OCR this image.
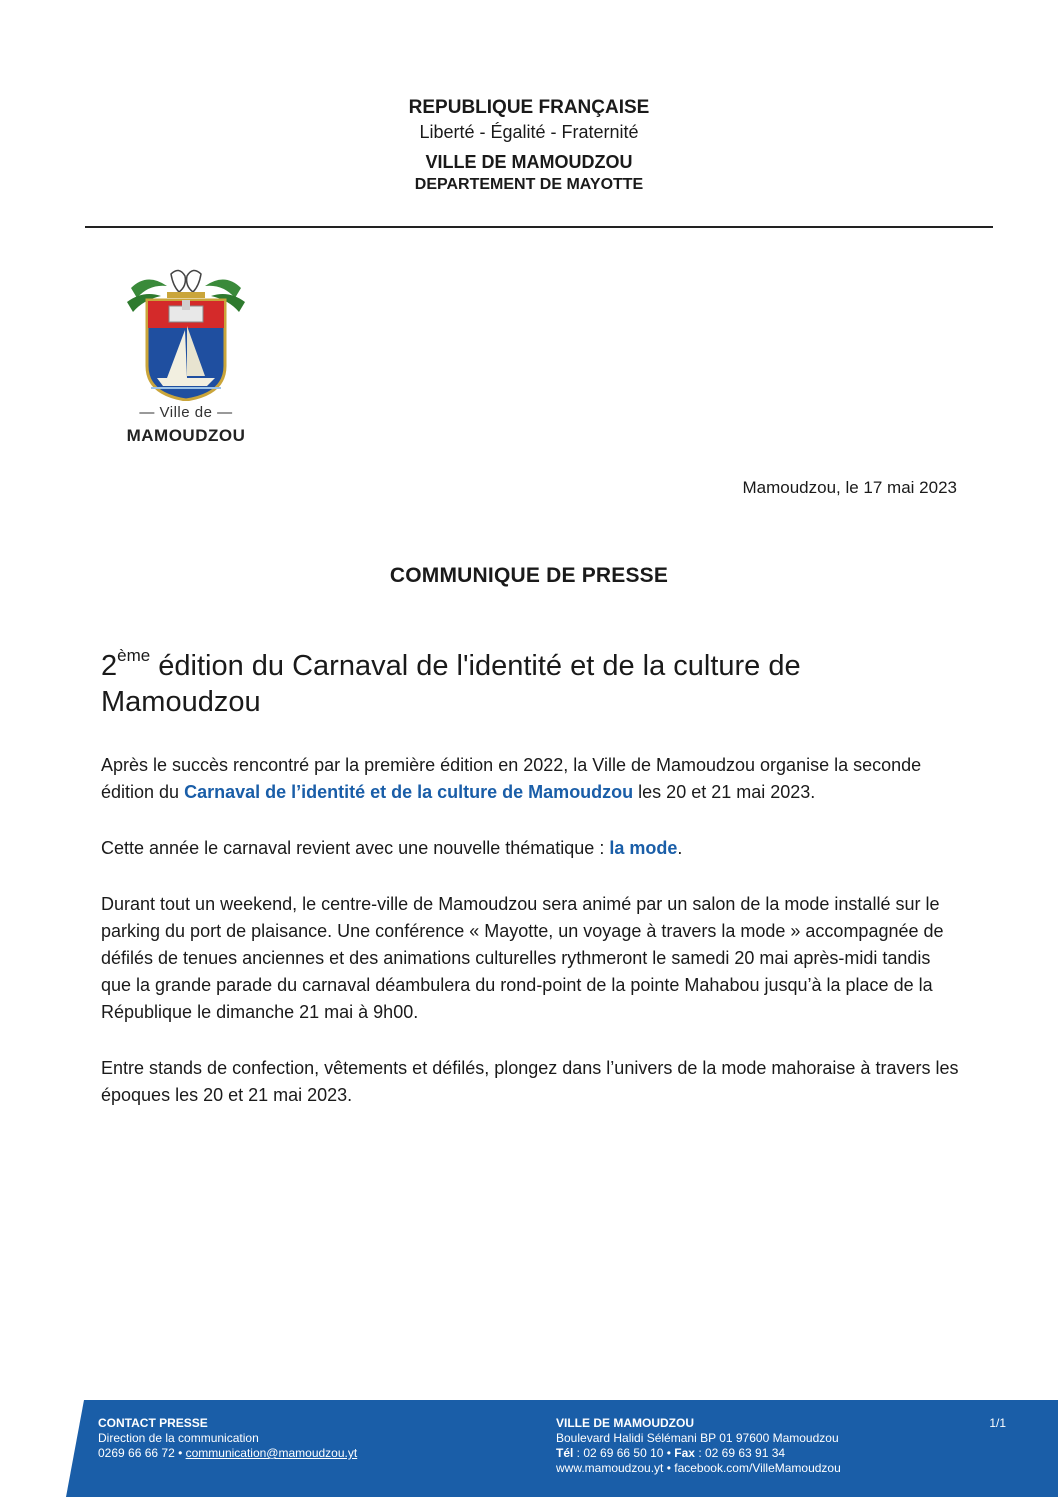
REPUBLIQUE FRANÇAISE
Liberté - Égalité - Fraternité
VILLE DE MAMOUDZOU
DEPARTEMENT DE MAYOTTE
— Ville de —
MAMOUDZOU
Mamoudzou, le 17 mai 2023
COMMUNIQUE DE PRESSE
2ème édition du Carnaval de l'identité et de la culture de Mamoudzou

Après le succès rencontré par la première édition en 2022, la Ville de Mamoudzou organise la seconde édition du Carnaval de l’identité et de la culture de Mamoudzou les 20 et 21 mai 2023.

Cette année le carnaval revient avec une nouvelle thématique : la mode.

Durant tout un weekend, le centre-ville de Mamoudzou sera animé par un salon de la mode installé sur le parking du port de plaisance. Une conférence « Mayotte, un voyage à travers la mode » accompagnée de défilés de tenues anciennes et des animations culturelles rythmeront le samedi 20 mai après-midi tandis que la grande parade du carnaval déambulera du rond-point de la pointe Mahabou jusqu’à la place de la République le dimanche 21 mai à 9h00.

Entre stands de confection, vêtements et défilés, plongez dans l’univers de la mode mahoraise à travers les époques les 20 et 21 mai 2023.

CONTACT PRESSE
Direction de la communication
0269 66 66 72 • communication@mamoudzou.yt
VILLE DE MAMOUDZOU
Boulevard Halidi Sélémani BP 01 97600 Mamoudzou
Tél : 02 69 66 50 10 • Fax : 02 69 63 91 34
www.mamoudzou.yt • facebook.com/VilleMamoudzou
1/1
